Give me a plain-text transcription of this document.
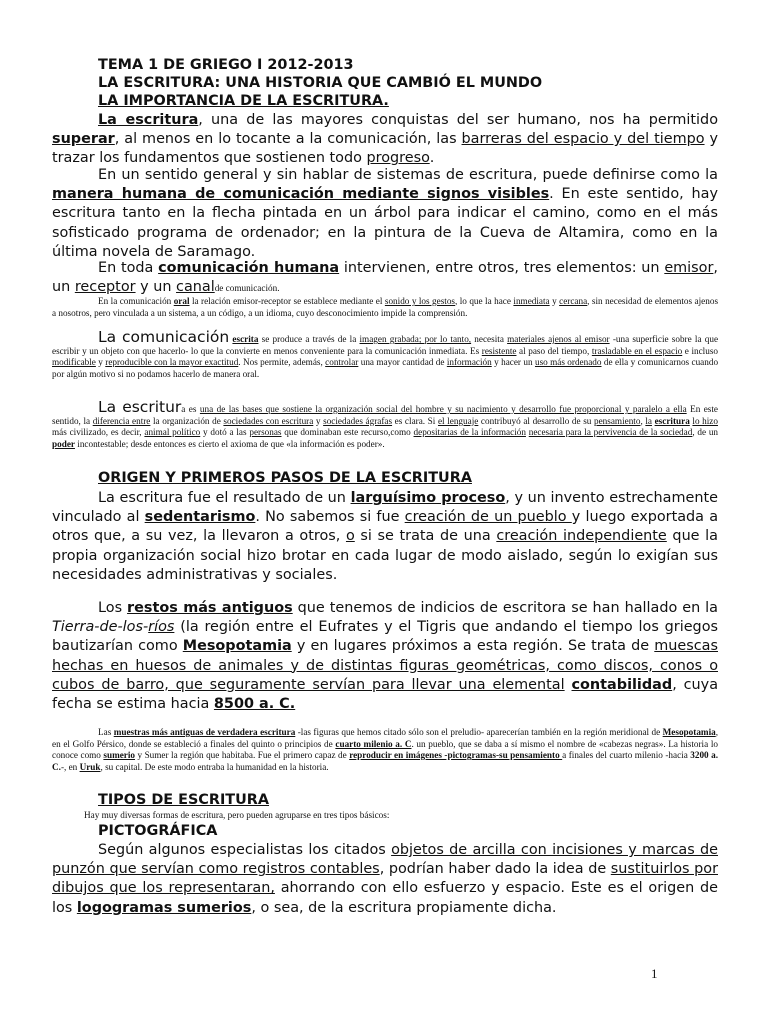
TEMA 1 DE GRIEGO I 2012-2013
LA ESCRITURA: UNA HISTORIA QUE CAMBIÓ EL MUNDO
LA IMPORTANCIA DE LA ESCRITURA.
La escritura, una de las mayores conquistas del ser humano, nos ha permitido superar, al menos en lo tocante a la comunicación, las barreras del espacio y del tiempo y trazar los fundamentos que sostienen todo progreso.
En un sentido general y sin hablar de sistemas de escritura, puede definirse como la manera humana de comunicación mediante signos visibles. En este sentido, hay escritura tanto en la flecha pintada en un árbol para indicar el camino, como en el más sofisticado programa de ordenador; en la pintura de la Cueva de Altamira, como en la última novela de Saramago.
En toda comunicación humana intervienen, entre otros, tres elementos: un emisor, un receptor y un canalde comunicación.
En la comunicación oral la relación emisor-receptor se establece mediante el sonido y los gestos, lo que la hace inmediata y cercana, sin necesidad de elementos ajenos a nosotros, pero vinculada a un sistema, a un código, a un idioma, cuyo desconocimiento impide la comprensión.
La comunicación escrita se produce a través de la imagen grabada; por lo tanto, necesita materiales ajenos al emisor -una superficie sobre la que escribir y un objeto con que hacerlo- lo que la convierte en menos conveniente para la comunicación inmediata. Es resistente al paso del tiempo, trasladable en el espacio e incluso modificable y reproducible con la mayor exactitud. Nos permite, además, controlar una mayor cantidad de información y hacer un uso más ordenado de ella y comunicarnos cuando por algún motivo si no podamos hacerlo de manera oral.
La escritura es una de las bases que sostiene la organización social del hombre y su nacimiento y desarrollo fue proporcional y paralelo a ella En este sentido, la diferencia entre la organización de sociedades con escritura y sociedades ágrafas es clara. Si el lenguaje contribuyó al desarrollo de su pensamiento, la escritura lo hizo más civilizado, es decir, animal político y dotó a las personas que dominaban este recurso,como depositarias de la información necesaria para la pervivencia de la sociedad, de un poder incontestable; desde entonces es cierto el axioma de que «la información es poder».
ORIGEN Y PRIMEROS PASOS DE LA ESCRITURA
La escritura fue el resultado de un larguísimo proceso, y un invento estrechamente vinculado al sedentarismo. No sabemos si fue creación de un pueblo y luego exportada a otros que, a su vez, la llevaron a otros, o si se trata de una creación independiente que la propia organización social hizo brotar en cada lugar de modo aislado, según lo exigían sus necesidades administrativas y sociales.
Los restos más antiguos que tenemos de indicios de escritora se han hallado en la Tierra-de-los-ríos (la región entre el Eufrates y el Tigris que andando el tiempo los griegos bautizarían como Mesopotamia y en lugares próximos a esta región. Se trata de muescas hechas en huesos de animales y de distintas figuras geométricas, como discos, conos o cubos de barro, que seguramente servían para llevar una elemental contabilidad, cuya fecha se estima hacia 8500 a. C.
Las muestras más antiguas de verdadera escritura -las figuras que hemos citado sólo son el preludio- aparecerían también en la región meridional de Mesopotamia, en el Golfo Pérsico, donde se estableció a finales del quinto o principios de cuarto milenio a. C. un pueblo, que se daba a sí mismo el nombre de «cabezas negras». La historia lo conoce como sumerio y Sumer la región que habitaba. Fue el primero capaz de reproducir en imágenes -pictogramas-su pensamiento a finales del cuarto milenio -hacia 3200 a. C.-, en Uruk, su capital. De este modo entraba la humanidad en la historia.
TIPOS DE ESCRITURA
Hay muy diversas formas de escritura, pero pueden agruparse en tres tipos básicos:
PICTOGRÁFICA
Según algunos especialistas los citados objetos de arcilla con incisiones y marcas de punzón que servían como registros contables, podrían haber dado la idea de sustituirlos por dibujos que los representaran, ahorrando con ello esfuerzo y espacio. Este es el origen de los logogramas sumerios, o sea, de la escritura propiamente dicha.
1
